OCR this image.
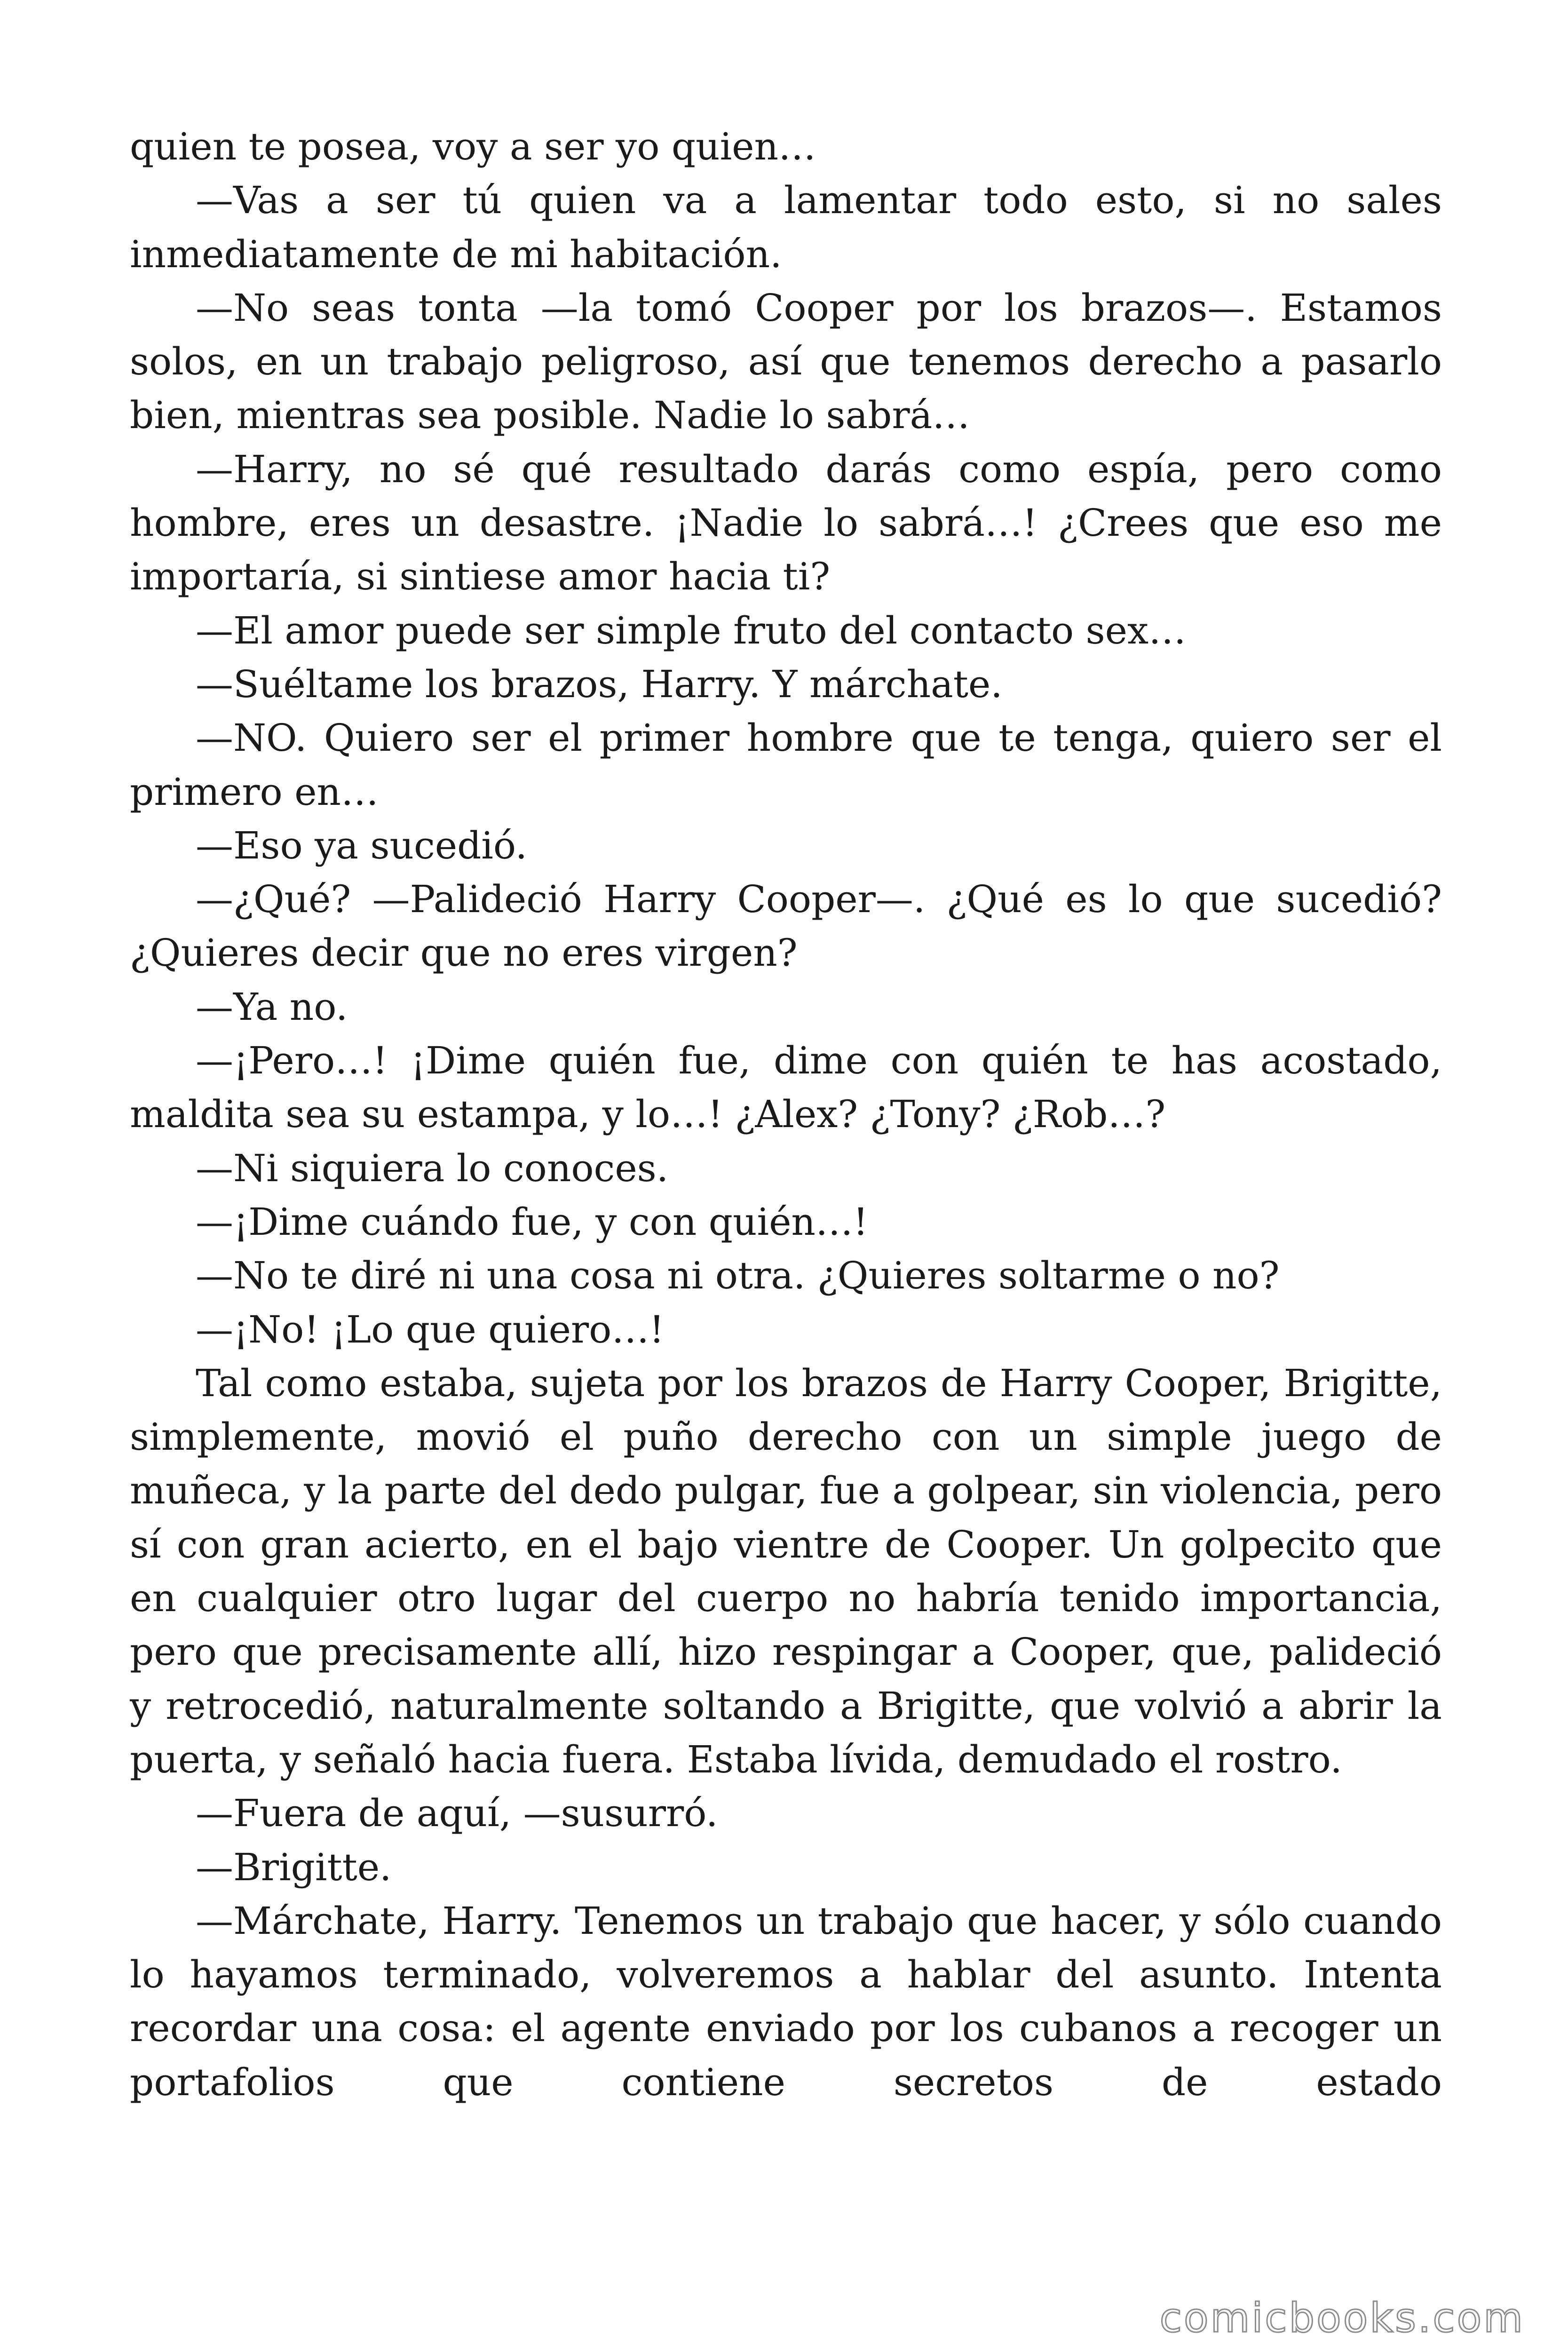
quien te posea, voy a ser yo quien…

—Vas a ser tú quien va a lamentar todo esto, si no sales inmediatamente de mi habitación.

—No seas tonta —la tomó Cooper por los brazos—. Estamos solos, en un trabajo peligroso, así que tenemos derecho a pasarlo bien, mientras sea posible. Nadie lo sabrá…

—Harry, no sé qué resultado darás como espía, pero como hombre, eres un desastre. ¡Nadie lo sabrá…! ¿Crees que eso me importaría, si sintiese amor hacia ti?

—El amor puede ser simple fruto del contacto sex…

—Suéltame los brazos, Harry. Y márchate.

—NO. Quiero ser el primer hombre que te tenga, quiero ser el primero en…

—Eso ya sucedió.

—¿Qué? —Palideció Harry Cooper—. ¿Qué es lo que sucedió? ¿Quieres decir que no eres virgen?

—Ya no.

—¡Pero…! ¡Dime quién fue, dime con quién te has acostado, maldita sea su estampa, y lo…! ¿Alex? ¿Tony? ¿Rob…?

—Ni siquiera lo conoces.

—¡Dime cuándo fue, y con quién…!

—No te diré ni una cosa ni otra. ¿Quieres soltarme o no?

—¡No! ¡Lo que quiero…!

Tal como estaba, sujeta por los brazos de Harry Cooper, Brigitte, simplemente, movió el puño derecho con un simple juego de muñeca, y la parte del dedo pulgar, fue a golpear, sin violencia, pero sí con gran acierto, en el bajo vientre de Cooper. Un golpecito que en cualquier otro lugar del cuerpo no habría tenido importancia, pero que precisamente allí, hizo respingar a Cooper, que, palideció y retrocedió, naturalmente soltando a Brigitte, que volvió a abrir la puerta, y señaló hacia fuera. Estaba lívida, demudado el rostro.

—Fuera de aquí, —susurró.

—Brigitte.

—Márchate, Harry. Tenemos un trabajo que hacer, y sólo cuando lo hayamos terminado, volveremos a hablar del asunto. Intenta recordar una cosa: el agente enviado por los cubanos a recoger un portafolios que contiene secretos de estado

comicbooks.com
